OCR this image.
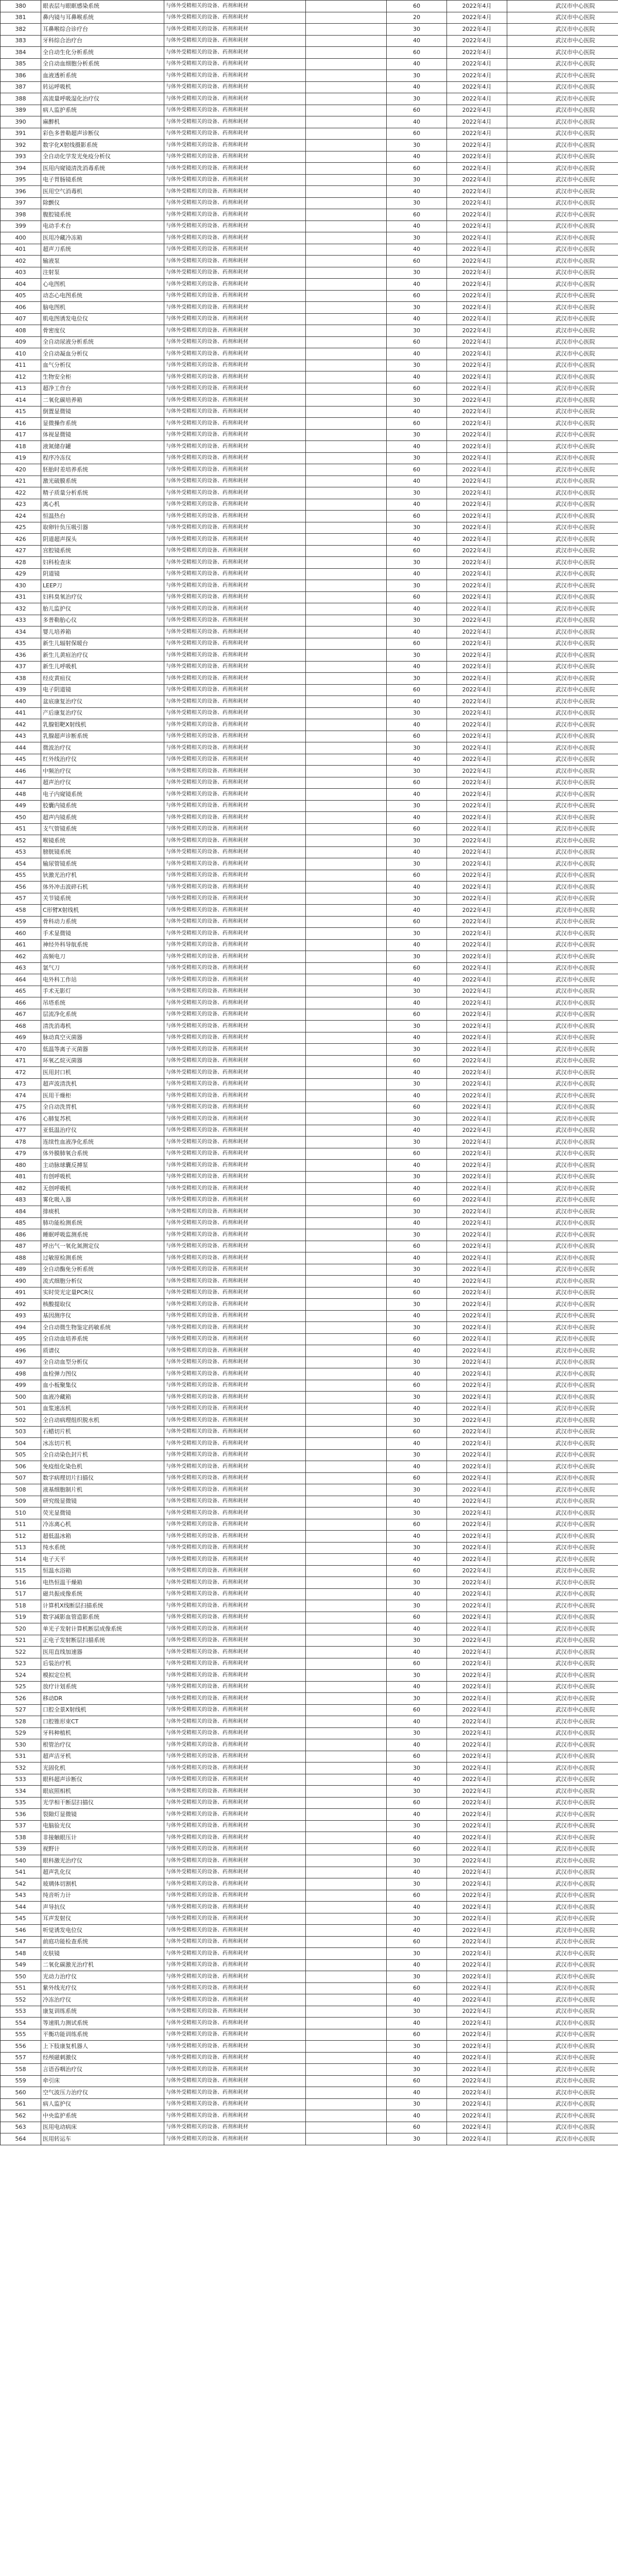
380	眼表层与眼眶感染系统	与体外受精相关的设备、药剂和耗材		60	2022年4月	武汉市中心医院
381	鼻内镜与耳鼻喉系统	与体外受精相关的设备、药剂和耗材		20	2022年4月	武汉市中心医院
382	耳鼻喉综合诊疗台	与体外受精相关的设备、药剂和耗材		30	2022年4月	武汉市中心医院
383	牙科综合治疗台	与体外受精相关的设备、药剂和耗材		40	2022年4月	武汉市中心医院
384	全自动生化分析系统	与体外受精相关的设备、药剂和耗材		60	2022年4月	武汉市中心医院
385	全自动血细胞分析系统	与体外受精相关的设备、药剂和耗材		40	2022年4月	武汉市中心医院
386	血液透析系统	与体外受精相关的设备、药剂和耗材		30	2022年4月	武汉市中心医院
387	转运呼吸机	与体外受精相关的设备、药剂和耗材		40	2022年4月	武汉市中心医院
388	高流量呼吸湿化治疗仪	与体外受精相关的设备、药剂和耗材		30	2022年4月	武汉市中心医院
389	病人监护系统	与体外受精相关的设备、药剂和耗材		60	2022年4月	武汉市中心医院
390	麻醉机	与体外受精相关的设备、药剂和耗材		40	2022年4月	武汉市中心医院
391	彩色多普勒超声诊断仪	与体外受精相关的设备、药剂和耗材		60	2022年4月	武汉市中心医院
392	数字化X射线摄影系统	与体外受精相关的设备、药剂和耗材		30	2022年4月	武汉市中心医院
393	全自动化学发光免疫分析仪	与体外受精相关的设备、药剂和耗材		40	2022年4月	武汉市中心医院
394	医用内窥镜清洗消毒系统	与体外受精相关的设备、药剂和耗材		60	2022年4月	武汉市中心医院
395	电子胃肠镜系统	与体外受精相关的设备、药剂和耗材		30	2022年4月	武汉市中心医院
396	医用空气消毒机	与体外受精相关的设备、药剂和耗材		40	2022年4月	武汉市中心医院
397	除颤仪	与体外受精相关的设备、药剂和耗材		30	2022年4月	武汉市中心医院
398	腹腔镜系统	与体外受精相关的设备、药剂和耗材		60	2022年4月	武汉市中心医院
399	电动手术台	与体外受精相关的设备、药剂和耗材		40	2022年4月	武汉市中心医院
400	医用冷藏冷冻箱	与体外受精相关的设备、药剂和耗材		30	2022年4月	武汉市中心医院
401	超声刀系统	与体外受精相关的设备、药剂和耗材		40	2022年4月	武汉市中心医院
402	输液泵	与体外受精相关的设备、药剂和耗材		60	2022年4月	武汉市中心医院
403	注射泵	与体外受精相关的设备、药剂和耗材		30	2022年4月	武汉市中心医院
404	心电图机	与体外受精相关的设备、药剂和耗材		40	2022年4月	武汉市中心医院
405	动态心电图系统	与体外受精相关的设备、药剂和耗材		60	2022年4月	武汉市中心医院
406	脑电图机	与体外受精相关的设备、药剂和耗材		30	2022年4月	武汉市中心医院
407	肌电图诱发电位仪	与体外受精相关的设备、药剂和耗材		40	2022年4月	武汉市中心医院
408	骨密度仪	与体外受精相关的设备、药剂和耗材		30	2022年4月	武汉市中心医院
409	全自动尿液分析系统	与体外受精相关的设备、药剂和耗材		60	2022年4月	武汉市中心医院
410	全自动凝血分析仪	与体外受精相关的设备、药剂和耗材		40	2022年4月	武汉市中心医院
411	血气分析仪	与体外受精相关的设备、药剂和耗材		30	2022年4月	武汉市中心医院
412	生物安全柜	与体外受精相关的设备、药剂和耗材		40	2022年4月	武汉市中心医院
413	超净工作台	与体外受精相关的设备、药剂和耗材		60	2022年4月	武汉市中心医院
414	二氧化碳培养箱	与体外受精相关的设备、药剂和耗材		30	2022年4月	武汉市中心医院
415	倒置显微镜	与体外受精相关的设备、药剂和耗材		40	2022年4月	武汉市中心医院
416	显微操作系统	与体外受精相关的设备、药剂和耗材		60	2022年4月	武汉市中心医院
417	体视显微镜	与体外受精相关的设备、药剂和耗材		30	2022年4月	武汉市中心医院
418	液氮储存罐	与体外受精相关的设备、药剂和耗材		40	2022年4月	武汉市中心医院
419	程序冷冻仪	与体外受精相关的设备、药剂和耗材		30	2022年4月	武汉市中心医院
420	胚胎时差培养系统	与体外受精相关的设备、药剂和耗材		60	2022年4月	武汉市中心医院
421	激光破膜系统	与体外受精相关的设备、药剂和耗材		40	2022年4月	武汉市中心医院
422	精子质量分析系统	与体外受精相关的设备、药剂和耗材		30	2022年4月	武汉市中心医院
423	离心机	与体外受精相关的设备、药剂和耗材		40	2022年4月	武汉市中心医院
424	恒温热台	与体外受精相关的设备、药剂和耗材		60	2022年4月	武汉市中心医院
425	取卵针负压吸引器	与体外受精相关的设备、药剂和耗材		30	2022年4月	武汉市中心医院
426	阴道超声探头	与体外受精相关的设备、药剂和耗材		40	2022年4月	武汉市中心医院
427	宫腔镜系统	与体外受精相关的设备、药剂和耗材		60	2022年4月	武汉市中心医院
428	妇科检查床	与体外受精相关的设备、药剂和耗材		30	2022年4月	武汉市中心医院
429	阴道镜	与体外受精相关的设备、药剂和耗材		40	2022年4月	武汉市中心医院
430	LEEP刀	与体外受精相关的设备、药剂和耗材		30	2022年4月	武汉市中心医院
431	妇科臭氧治疗仪	与体外受精相关的设备、药剂和耗材		60	2022年4月	武汉市中心医院
432	胎儿监护仪	与体外受精相关的设备、药剂和耗材		40	2022年4月	武汉市中心医院
433	多普勒胎心仪	与体外受精相关的设备、药剂和耗材		30	2022年4月	武汉市中心医院
434	婴儿培养箱	与体外受精相关的设备、药剂和耗材		40	2022年4月	武汉市中心医院
435	新生儿辐射保暖台	与体外受精相关的设备、药剂和耗材		60	2022年4月	武汉市中心医院
436	新生儿黄疸治疗仪	与体外受精相关的设备、药剂和耗材		30	2022年4月	武汉市中心医院
437	新生儿呼吸机	与体外受精相关的设备、药剂和耗材		40	2022年4月	武汉市中心医院
438	经皮黄疸仪	与体外受精相关的设备、药剂和耗材		30	2022年4月	武汉市中心医院
439	电子阴道镜	与体外受精相关的设备、药剂和耗材		60	2022年4月	武汉市中心医院
440	盆底康复治疗仪	与体外受精相关的设备、药剂和耗材		40	2022年4月	武汉市中心医院
441	产后康复治疗仪	与体外受精相关的设备、药剂和耗材		30	2022年4月	武汉市中心医院
442	乳腺钼靶X射线机	与体外受精相关的设备、药剂和耗材		40	2022年4月	武汉市中心医院
443	乳腺超声诊断系统	与体外受精相关的设备、药剂和耗材		60	2022年4月	武汉市中心医院
444	微波治疗仪	与体外受精相关的设备、药剂和耗材		30	2022年4月	武汉市中心医院
445	红外线治疗仪	与体外受精相关的设备、药剂和耗材		40	2022年4月	武汉市中心医院
446	中频治疗仪	与体外受精相关的设备、药剂和耗材		30	2022年4月	武汉市中心医院
447	超声治疗仪	与体外受精相关的设备、药剂和耗材		60	2022年4月	武汉市中心医院
448	电子内窥镜系统	与体外受精相关的设备、药剂和耗材		40	2022年4月	武汉市中心医院
449	胶囊内镜系统	与体外受精相关的设备、药剂和耗材		30	2022年4月	武汉市中心医院
450	超声内镜系统	与体外受精相关的设备、药剂和耗材		40	2022年4月	武汉市中心医院
451	支气管镜系统	与体外受精相关的设备、药剂和耗材		60	2022年4月	武汉市中心医院
452	喉镜系统	与体外受精相关的设备、药剂和耗材		30	2022年4月	武汉市中心医院
453	膀胱镜系统	与体外受精相关的设备、药剂和耗材		40	2022年4月	武汉市中心医院
454	输尿管镜系统	与体外受精相关的设备、药剂和耗材		30	2022年4月	武汉市中心医院
455	钬激光治疗机	与体外受精相关的设备、药剂和耗材		60	2022年4月	武汉市中心医院
456	体外冲击波碎石机	与体外受精相关的设备、药剂和耗材		40	2022年4月	武汉市中心医院
457	关节镜系统	与体外受精相关的设备、药剂和耗材		30	2022年4月	武汉市中心医院
458	C形臂X射线机	与体外受精相关的设备、药剂和耗材		40	2022年4月	武汉市中心医院
459	骨科动力系统	与体外受精相关的设备、药剂和耗材		60	2022年4月	武汉市中心医院
460	手术显微镜	与体外受精相关的设备、药剂和耗材		30	2022年4月	武汉市中心医院
461	神经外科导航系统	与体外受精相关的设备、药剂和耗材		40	2022年4月	武汉市中心医院
462	高频电刀	与体外受精相关的设备、药剂和耗材		30	2022年4月	武汉市中心医院
463	氩气刀	与体外受精相关的设备、药剂和耗材		60	2022年4月	武汉市中心医院
464	电外科工作站	与体外受精相关的设备、药剂和耗材		40	2022年4月	武汉市中心医院
465	手术无影灯	与体外受精相关的设备、药剂和耗材		30	2022年4月	武汉市中心医院
466	吊塔系统	与体外受精相关的设备、药剂和耗材		40	2022年4月	武汉市中心医院
467	层流净化系统	与体外受精相关的设备、药剂和耗材		60	2022年4月	武汉市中心医院
468	清洗消毒机	与体外受精相关的设备、药剂和耗材		30	2022年4月	武汉市中心医院
469	脉动真空灭菌器	与体外受精相关的设备、药剂和耗材		40	2022年4月	武汉市中心医院
470	低温等离子灭菌器	与体外受精相关的设备、药剂和耗材		30	2022年4月	武汉市中心医院
471	环氧乙烷灭菌器	与体外受精相关的设备、药剂和耗材		60	2022年4月	武汉市中心医院
472	医用封口机	与体外受精相关的设备、药剂和耗材		40	2022年4月	武汉市中心医院
473	超声波清洗机	与体外受精相关的设备、药剂和耗材		30	2022年4月	武汉市中心医院
474	医用干燥柜	与体外受精相关的设备、药剂和耗材		40	2022年4月	武汉市中心医院
475	全自动洗胃机	与体外受精相关的设备、药剂和耗材		60	2022年4月	武汉市中心医院
476	心肺复苏机	与体外受精相关的设备、药剂和耗材		30	2022年4月	武汉市中心医院
477	亚低温治疗仪	与体外受精相关的设备、药剂和耗材		40	2022年4月	武汉市中心医院
478	连续性血液净化系统	与体外受精相关的设备、药剂和耗材		30	2022年4月	武汉市中心医院
479	体外膜肺氧合系统	与体外受精相关的设备、药剂和耗材		60	2022年4月	武汉市中心医院
480	主动脉球囊反搏泵	与体外受精相关的设备、药剂和耗材		40	2022年4月	武汉市中心医院
481	有创呼吸机	与体外受精相关的设备、药剂和耗材		30	2022年4月	武汉市中心医院
482	无创呼吸机	与体外受精相关的设备、药剂和耗材		40	2022年4月	武汉市中心医院
483	雾化吸入器	与体外受精相关的设备、药剂和耗材		60	2022年4月	武汉市中心医院
484	排痰机	与体外受精相关的设备、药剂和耗材		30	2022年4月	武汉市中心医院
485	肺功能检测系统	与体外受精相关的设备、药剂和耗材		40	2022年4月	武汉市中心医院
486	睡眠呼吸监测系统	与体外受精相关的设备、药剂和耗材		30	2022年4月	武汉市中心医院
487	呼出气一氧化氮测定仪	与体外受精相关的设备、药剂和耗材		60	2022年4月	武汉市中心医院
488	过敏原检测系统	与体外受精相关的设备、药剂和耗材		40	2022年4月	武汉市中心医院
489	全自动酶免分析系统	与体外受精相关的设备、药剂和耗材		30	2022年4月	武汉市中心医院
490	流式细胞分析仪	与体外受精相关的设备、药剂和耗材		40	2022年4月	武汉市中心医院
491	实时荧光定量PCR仪	与体外受精相关的设备、药剂和耗材		60	2022年4月	武汉市中心医院
492	核酸提取仪	与体外受精相关的设备、药剂和耗材		30	2022年4月	武汉市中心医院
493	基因测序仪	与体外受精相关的设备、药剂和耗材		40	2022年4月	武汉市中心医院
494	全自动微生物鉴定药敏系统	与体外受精相关的设备、药剂和耗材		30	2022年4月	武汉市中心医院
495	全自动血培养系统	与体外受精相关的设备、药剂和耗材		60	2022年4月	武汉市中心医院
496	质谱仪	与体外受精相关的设备、药剂和耗材		40	2022年4月	武汉市中心医院
497	全自动血型分析仪	与体外受精相关的设备、药剂和耗材		30	2022年4月	武汉市中心医院
498	血栓弹力图仪	与体外受精相关的设备、药剂和耗材		40	2022年4月	武汉市中心医院
499	血小板聚集仪	与体外受精相关的设备、药剂和耗材		60	2022年4月	武汉市中心医院
500	血液冷藏箱	与体外受精相关的设备、药剂和耗材		30	2022年4月	武汉市中心医院
501	血浆速冻机	与体外受精相关的设备、药剂和耗材		40	2022年4月	武汉市中心医院
502	全自动病理组织脱水机	与体外受精相关的设备、药剂和耗材		30	2022年4月	武汉市中心医院
503	石蜡切片机	与体外受精相关的设备、药剂和耗材		60	2022年4月	武汉市中心医院
504	冰冻切片机	与体外受精相关的设备、药剂和耗材		40	2022年4月	武汉市中心医院
505	全自动染色封片机	与体外受精相关的设备、药剂和耗材		30	2022年4月	武汉市中心医院
506	免疫组化染色机	与体外受精相关的设备、药剂和耗材		40	2022年4月	武汉市中心医院
507	数字病理切片扫描仪	与体外受精相关的设备、药剂和耗材		60	2022年4月	武汉市中心医院
508	液基细胞制片机	与体外受精相关的设备、药剂和耗材		30	2022年4月	武汉市中心医院
509	研究级显微镜	与体外受精相关的设备、药剂和耗材		40	2022年4月	武汉市中心医院
510	荧光显微镜	与体外受精相关的设备、药剂和耗材		30	2022年4月	武汉市中心医院
511	冷冻离心机	与体外受精相关的设备、药剂和耗材		60	2022年4月	武汉市中心医院
512	超低温冰箱	与体外受精相关的设备、药剂和耗材		40	2022年4月	武汉市中心医院
513	纯水系统	与体外受精相关的设备、药剂和耗材		30	2022年4月	武汉市中心医院
514	电子天平	与体外受精相关的设备、药剂和耗材		40	2022年4月	武汉市中心医院
515	恒温水浴箱	与体外受精相关的设备、药剂和耗材		60	2022年4月	武汉市中心医院
516	电热恒温干燥箱	与体外受精相关的设备、药剂和耗材		30	2022年4月	武汉市中心医院
517	磁共振成像系统	与体外受精相关的设备、药剂和耗材		40	2022年4月	武汉市中心医院
518	计算机X线断层扫描系统	与体外受精相关的设备、药剂和耗材		30	2022年4月	武汉市中心医院
519	数字减影血管造影系统	与体外受精相关的设备、药剂和耗材		60	2022年4月	武汉市中心医院
520	单光子发射计算机断层成像系统	与体外受精相关的设备、药剂和耗材		40	2022年4月	武汉市中心医院
521	正电子发射断层扫描系统	与体外受精相关的设备、药剂和耗材		30	2022年4月	武汉市中心医院
522	医用直线加速器	与体外受精相关的设备、药剂和耗材		40	2022年4月	武汉市中心医院
523	后装治疗机	与体外受精相关的设备、药剂和耗材		60	2022年4月	武汉市中心医院
524	模拟定位机	与体外受精相关的设备、药剂和耗材		30	2022年4月	武汉市中心医院
525	放疗计划系统	与体外受精相关的设备、药剂和耗材		40	2022年4月	武汉市中心医院
526	移动DR	与体外受精相关的设备、药剂和耗材		30	2022年4月	武汉市中心医院
527	口腔全景X射线机	与体外受精相关的设备、药剂和耗材		60	2022年4月	武汉市中心医院
528	口腔锥形束CT	与体外受精相关的设备、药剂和耗材		40	2022年4月	武汉市中心医院
529	牙科种植机	与体外受精相关的设备、药剂和耗材		30	2022年4月	武汉市中心医院
530	根管治疗仪	与体外受精相关的设备、药剂和耗材		40	2022年4月	武汉市中心医院
531	超声洁牙机	与体外受精相关的设备、药剂和耗材		60	2022年4月	武汉市中心医院
532	光固化机	与体外受精相关的设备、药剂和耗材		30	2022年4月	武汉市中心医院
533	眼科超声诊断仪	与体外受精相关的设备、药剂和耗材		40	2022年4月	武汉市中心医院
534	眼底照相机	与体外受精相关的设备、药剂和耗材		30	2022年4月	武汉市中心医院
535	光学相干断层扫描仪	与体外受精相关的设备、药剂和耗材		60	2022年4月	武汉市中心医院
536	裂隙灯显微镜	与体外受精相关的设备、药剂和耗材		40	2022年4月	武汉市中心医院
537	电脑验光仪	与体外受精相关的设备、药剂和耗材		30	2022年4月	武汉市中心医院
538	非接触眼压计	与体外受精相关的设备、药剂和耗材		40	2022年4月	武汉市中心医院
539	视野计	与体外受精相关的设备、药剂和耗材		60	2022年4月	武汉市中心医院
540	眼科激光治疗仪	与体外受精相关的设备、药剂和耗材		30	2022年4月	武汉市中心医院
541	超声乳化仪	与体外受精相关的设备、药剂和耗材		40	2022年4月	武汉市中心医院
542	玻璃体切割机	与体外受精相关的设备、药剂和耗材		30	2022年4月	武汉市中心医院
543	纯音听力计	与体外受精相关的设备、药剂和耗材		60	2022年4月	武汉市中心医院
544	声导抗仪	与体外受精相关的设备、药剂和耗材		40	2022年4月	武汉市中心医院
545	耳声发射仪	与体外受精相关的设备、药剂和耗材		30	2022年4月	武汉市中心医院
546	听觉诱发电位仪	与体外受精相关的设备、药剂和耗材		40	2022年4月	武汉市中心医院
547	前庭功能检查系统	与体外受精相关的设备、药剂和耗材		60	2022年4月	武汉市中心医院
548	皮肤镜	与体外受精相关的设备、药剂和耗材		30	2022年4月	武汉市中心医院
549	二氧化碳激光治疗机	与体外受精相关的设备、药剂和耗材		40	2022年4月	武汉市中心医院
550	光动力治疗仪	与体外受精相关的设备、药剂和耗材		30	2022年4月	武汉市中心医院
551	紫外线光疗仪	与体外受精相关的设备、药剂和耗材		60	2022年4月	武汉市中心医院
552	冷冻治疗仪	与体外受精相关的设备、药剂和耗材		40	2022年4月	武汉市中心医院
553	康复训练系统	与体外受精相关的设备、药剂和耗材		30	2022年4月	武汉市中心医院
554	等速肌力测试系统	与体外受精相关的设备、药剂和耗材		40	2022年4月	武汉市中心医院
555	平衡功能训练系统	与体外受精相关的设备、药剂和耗材		60	2022年4月	武汉市中心医院
556	上下肢康复机器人	与体外受精相关的设备、药剂和耗材		30	2022年4月	武汉市中心医院
557	经颅磁刺激仪	与体外受精相关的设备、药剂和耗材		40	2022年4月	武汉市中心医院
558	言语吞咽治疗仪	与体外受精相关的设备、药剂和耗材		30	2022年4月	武汉市中心医院
559	牵引床	与体外受精相关的设备、药剂和耗材		60	2022年4月	武汉市中心医院
560	空气波压力治疗仪	与体外受精相关的设备、药剂和耗材		40	2022年4月	武汉市中心医院
561	病人监护仪	与体外受精相关的设备、药剂和耗材		30	2022年4月	武汉市中心医院
562	中央监护系统	与体外受精相关的设备、药剂和耗材		40	2022年4月	武汉市中心医院
563	医用电动病床	与体外受精相关的设备、药剂和耗材		60	2022年4月	武汉市中心医院
564	医用转运车	与体外受精相关的设备、药剂和耗材		30	2022年4月	武汉市中心医院
